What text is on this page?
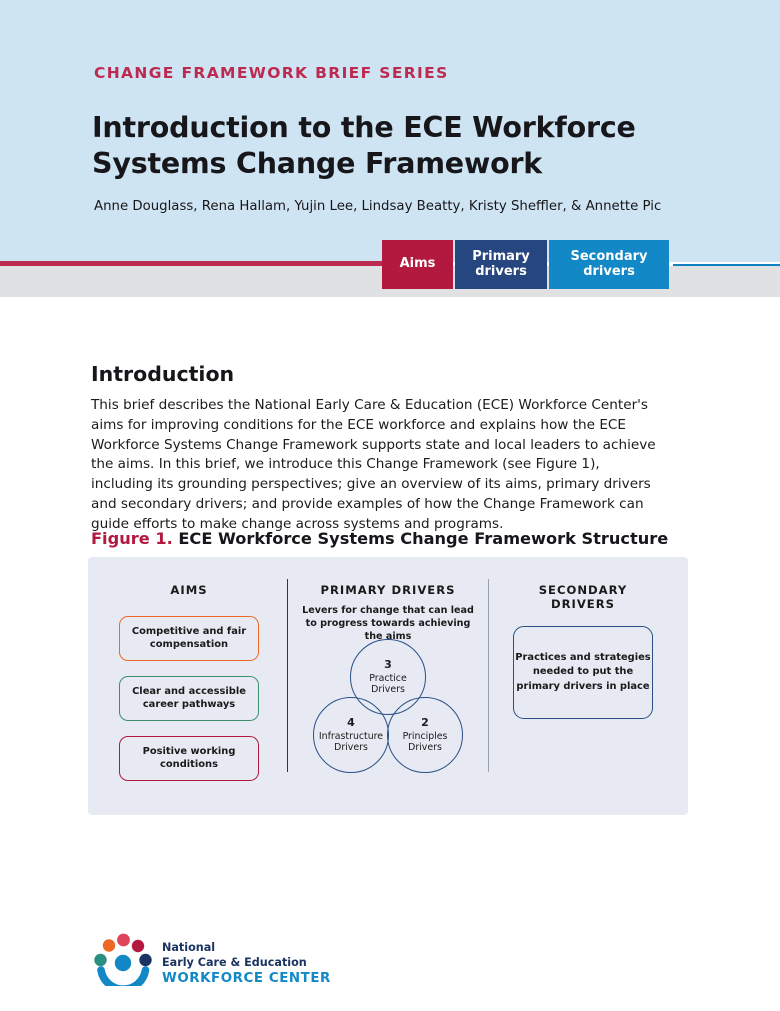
CHANGE FRAMEWORK BRIEF SERIES
Introduction to the ECE Workforce Systems Change Framework
Anne Douglass, Rena Hallam, Yujin Lee, Lindsay Beatty, Kristy Sheffler, & Annette Pic
Aims	Primary drivers
Secondary drivers
Introduction
This brief describes the National Early Care & Education (ECE) Workforce Center's aims for improving conditions for the ECE workforce and explains how the ECE Workforce Systems Change Framework supports state and local leaders to achieve the aims. In this brief, we introduce this Change Framework (see Figure 1), including its grounding perspectives; give an overview of its aims, primary drivers and secondary drivers; and provide examples of how the Change Framework can guide efforts to make change across systems and programs.
Figure 1. ECE Workforce Systems Change Framework Structure
AIMS
Competitive and fair compensation
Clear and accessible career pathways
Positive working conditions
PRIMARY DRIVERS
Levers for change that can lead to progress towards achieving the aims
3
Practice Drivers
4
Infrastructure Drivers
2
Principles Drivers
SECONDARY DRIVERS
Practices and strategies needed to put the primary drivers in place
National
Early Care & Education
WORKFORCE CENTER
